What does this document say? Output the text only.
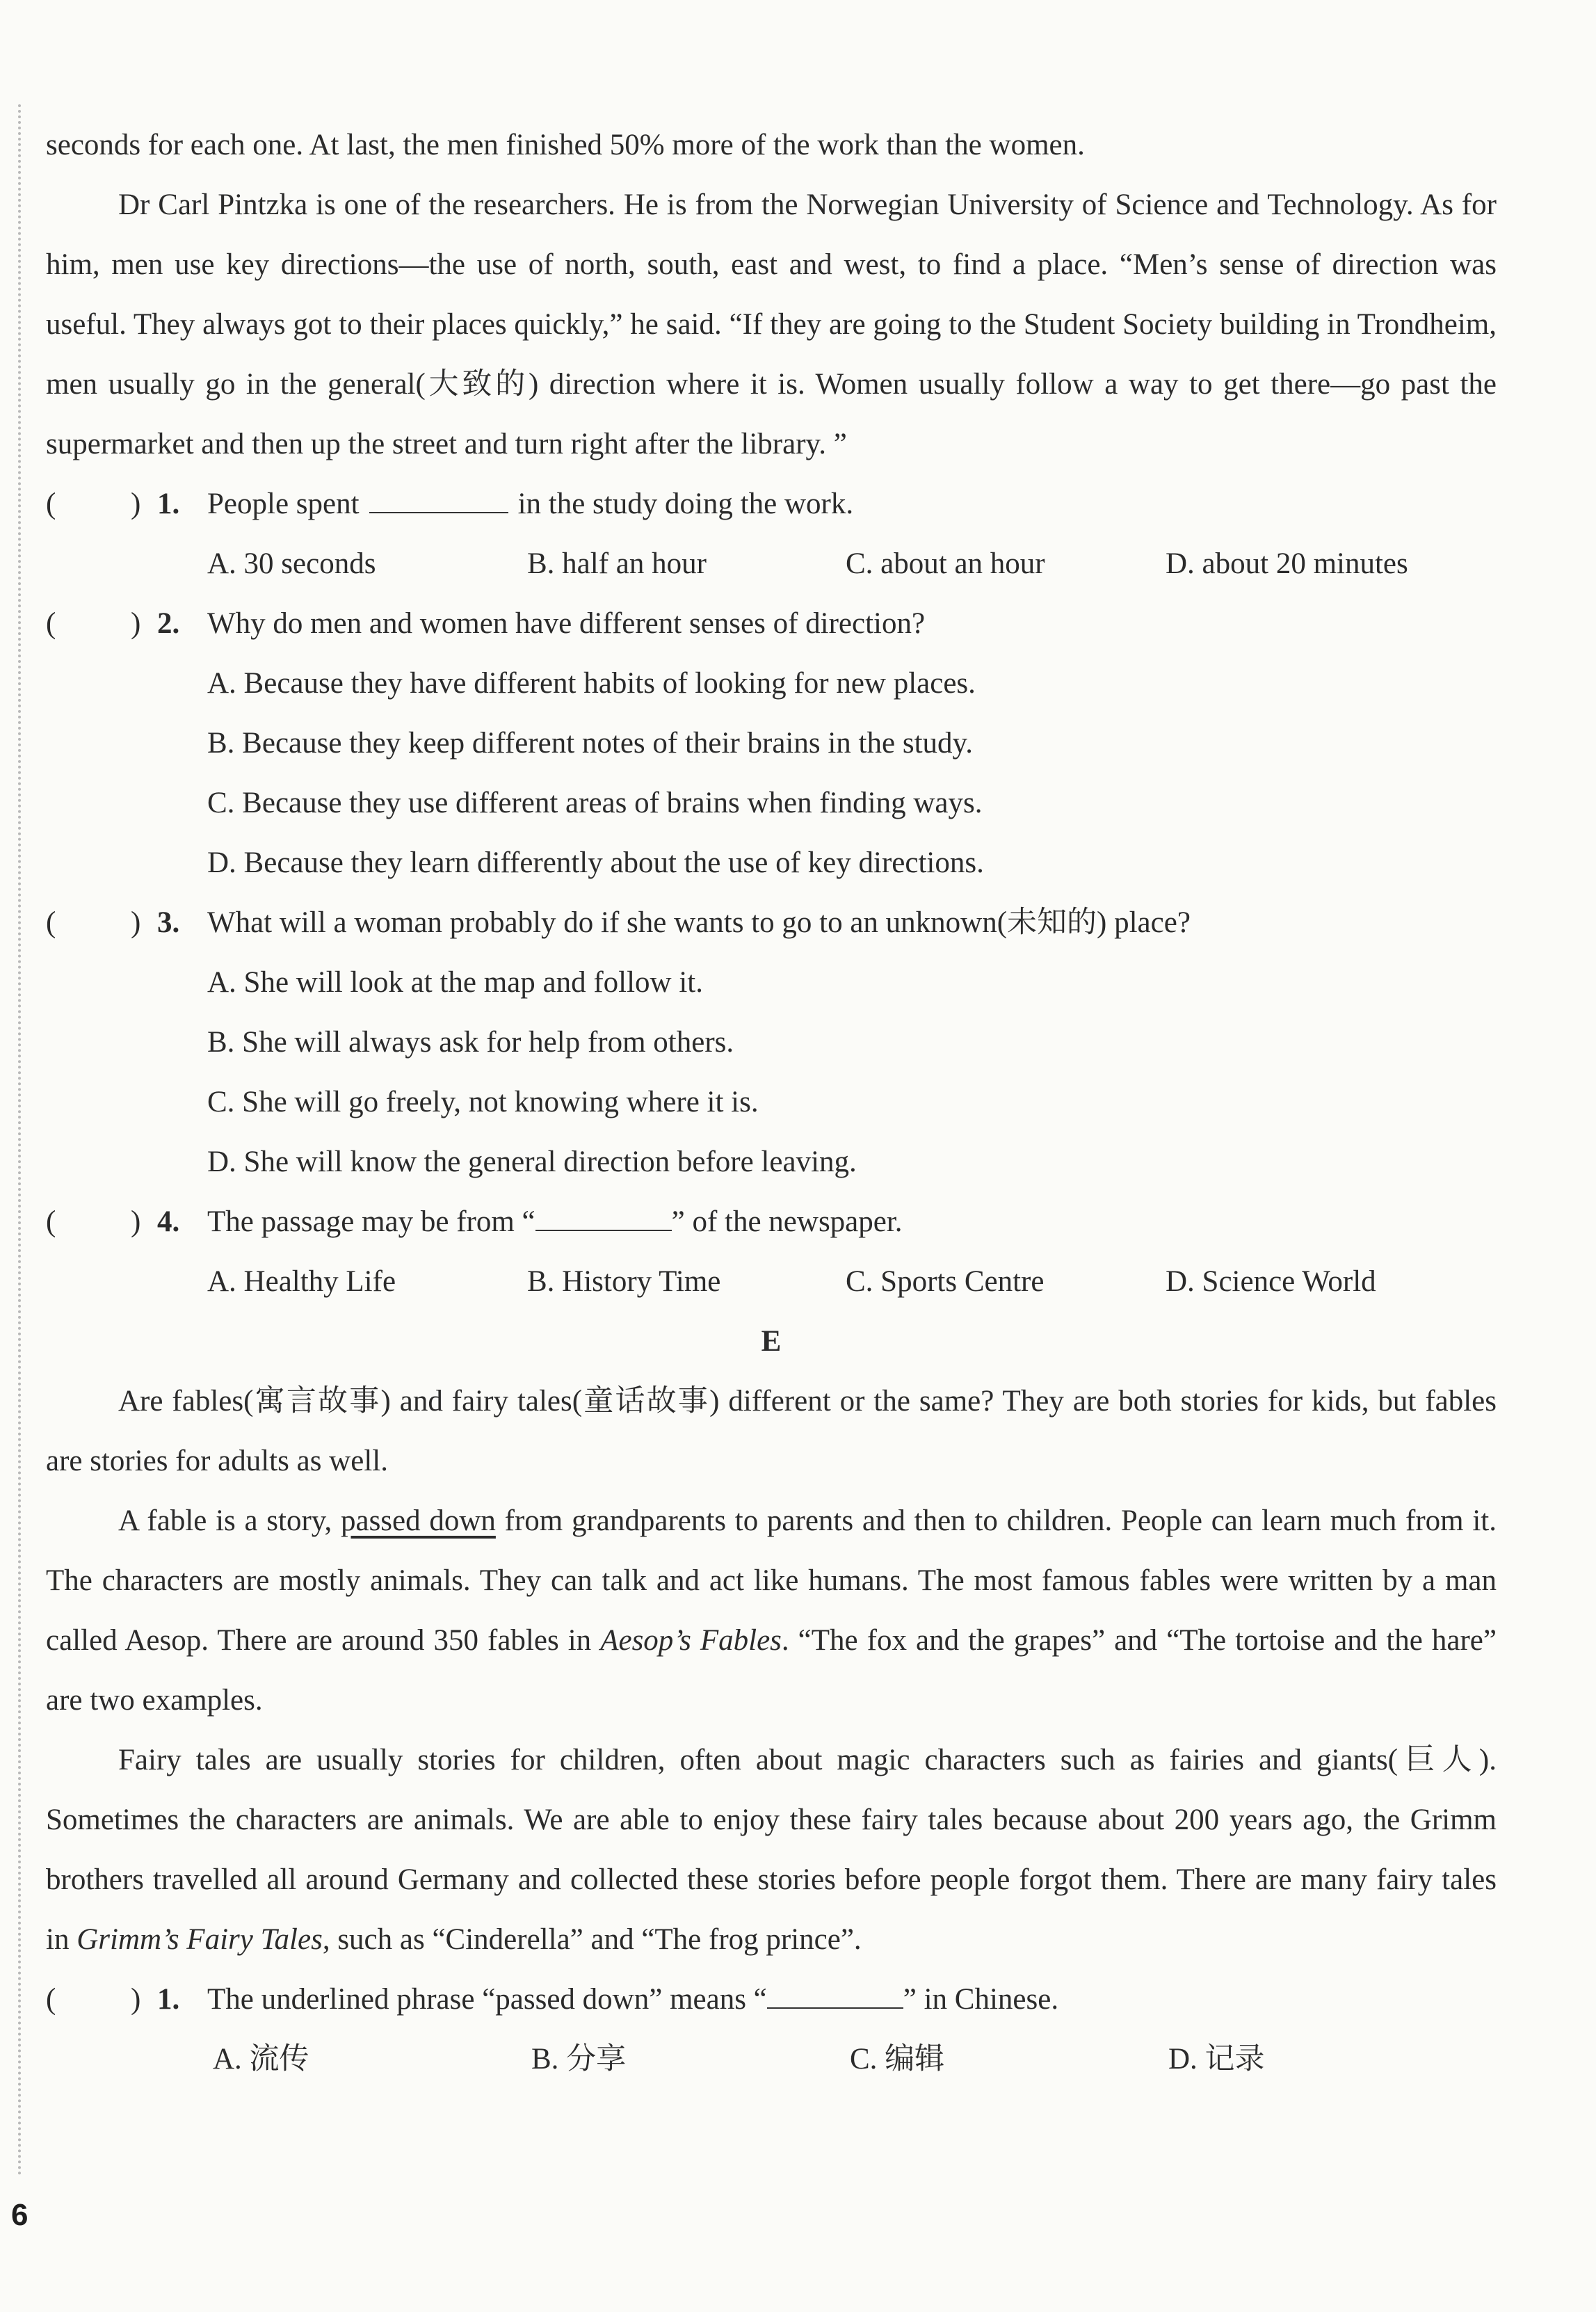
seconds for each one. At last, the men finished 50% more of the work than the women.

Dr Carl Pintzka is one of the researchers. He is from the Norwegian University of Science and Technology. As for him, men use key directions—the use of north, south, east and west, to find a place. “Men’s sense of direction was useful. They always got to their places quickly,” he said. “If they are going to the Student Society building in Trondheim, men usually go in the general(大致的) direction where it is. Women usually follow a way to get there—go past the supermarket and then up the street and turn right after the library. ”

(	) 1. People spent	in the study doing the work.

A. 30 seconds	B. half an hour	C. about an hour	D. about 20 minutes

(	) 2. Why do men and women have different senses of direction?

A. Because they have different habits of looking for new places.

B. Because they keep different notes of their brains in the study.

C. Because they use different areas of brains when finding ways.

D. Because they learn differently about the use of key directions.

(	) 3. What will a woman probably do if she wants to go to an unknown(未知的) place?

A. She will look at the map and follow it.

B. She will always ask for help from others.

C. She will go freely, not knowing where it is.

D. She will know the general direction before leaving.

(	) 4. The passage may be from “	” of the newspaper.

A. Healthy Life	B. History Time	C. Sports Centre	D. Science World

E

Are fables(寓言故事) and fairy tales(童话故事) different or the same? They are both stories for kids, but fables are stories for adults as well.

A fable is a story, passed down from grandparents to parents and then to children. People can learn much from it. The characters are mostly animals. They can talk and act like humans. The most famous fables were written by a man called Aesop. There are around 350 fables in Aesop’s Fables. “The fox and the grapes” and “The tortoise and the hare” are two examples.

Fairy tales are usually stories for children, often about magic characters such as fairies and giants(巨人). Sometimes the characters are animals. We are able to enjoy these fairy tales because about 200 years ago, the Grimm brothers travelled all around Germany and collected these stories before people forgot them. There are many fairy tales in Grimm’s Fairy Tales, such as “Cinderella” and “The frog prince”.

(	) 1. The underlined phrase “passed down” means “	” in Chinese.

A. 流传	B. 分享	C. 编辑	D. 记录
6
